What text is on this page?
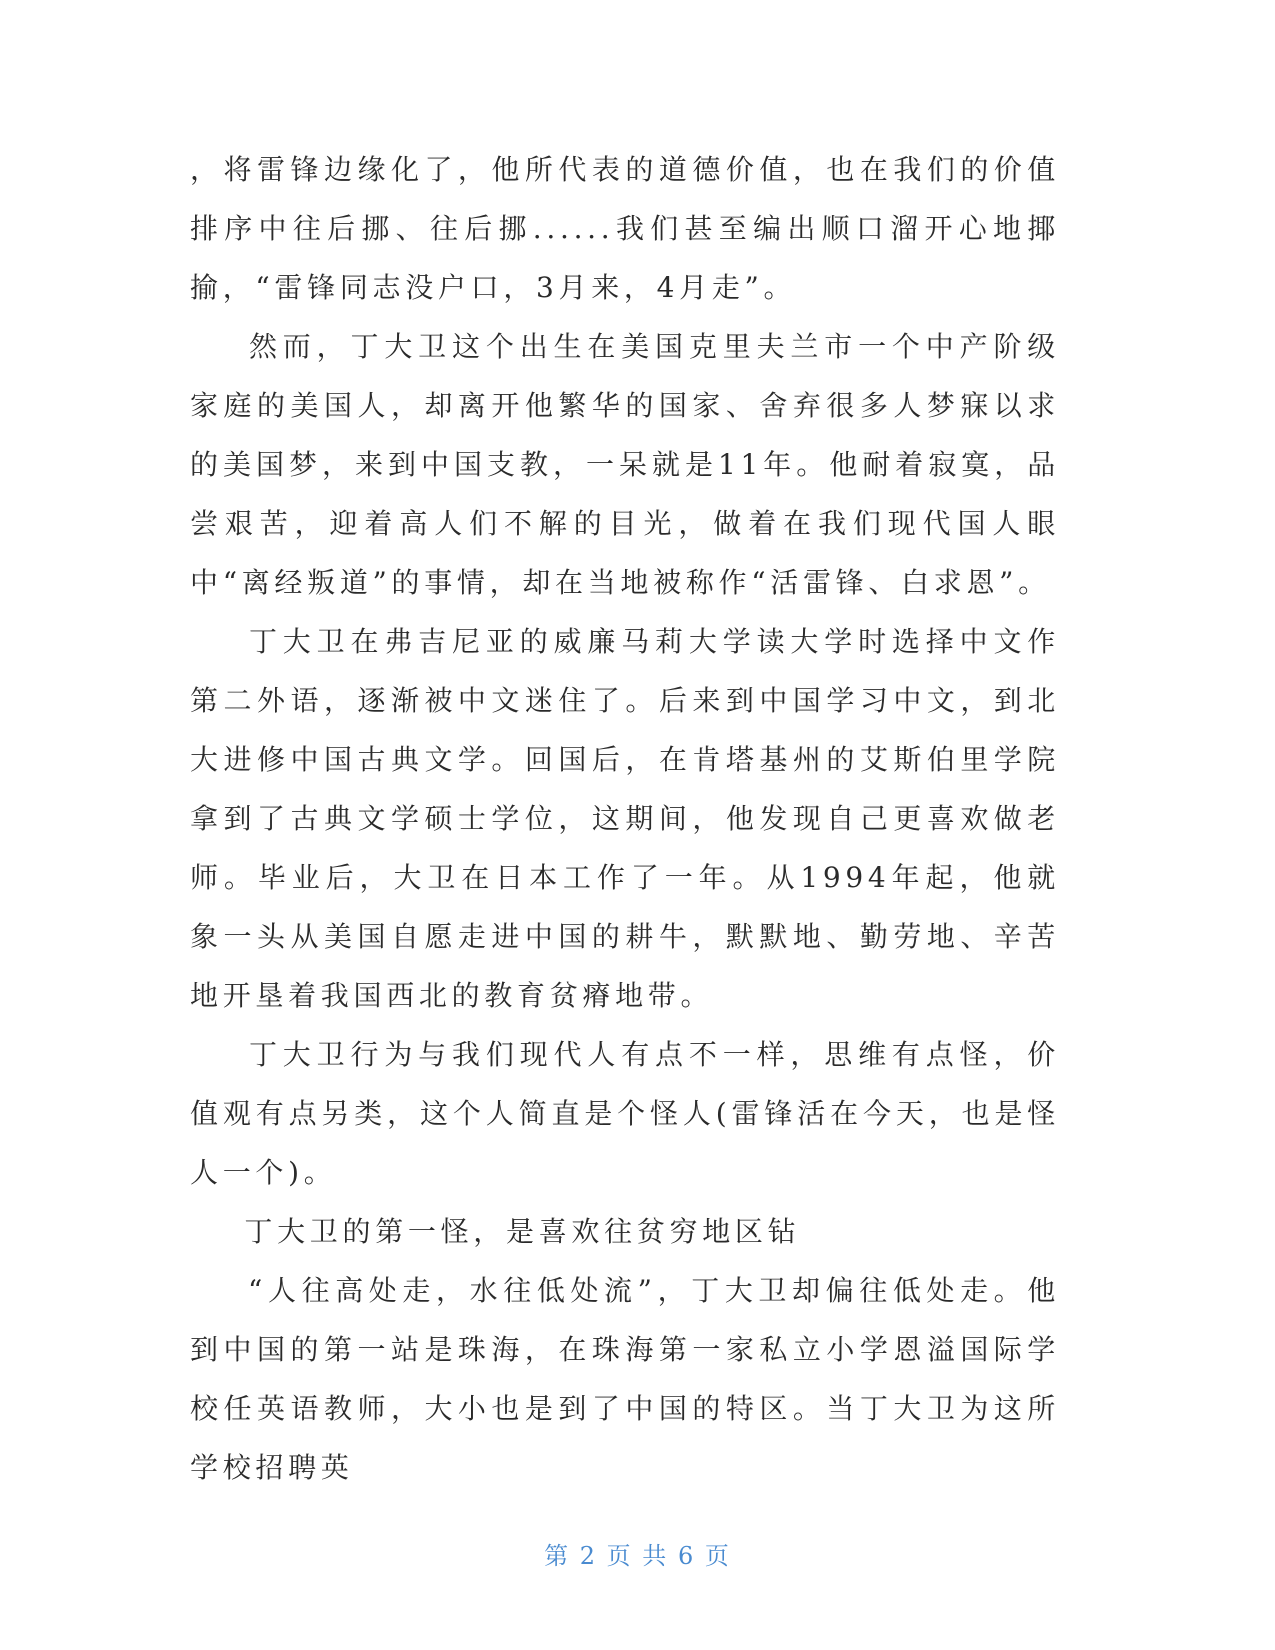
，将雷锋边缘化了，他所代表的道德价值，也在我们的价值排序中往后挪、往后挪......我们甚至编出顺口溜开心地揶揄，“雷锋同志没户口，3月来，4月走”。

然而，丁大卫这个出生在美国克里夫兰市一个中产阶级家庭的美国人，却离开他繁华的国家、舍弃很多人梦寐以求的美国梦，来到中国支教，一呆就是11年。他耐着寂寞，品尝艰苦，迎着高人们不解的目光，做着在我们现代国人眼中“离经叛道”的事情，却在当地被称作“活雷锋、白求恩”。

丁大卫在弗吉尼亚的威廉马莉大学读大学时选择中文作第二外语，逐渐被中文迷住了。后来到中国学习中文，到北大进修中国古典文学。回国后，在肯塔基州的艾斯伯里学院拿到了古典文学硕士学位，这期间，他发现自己更喜欢做老师。毕业后，大卫在日本工作了一年。从1994年起，他就象一头从美国自愿走进中国的耕牛，默默地、勤劳地、辛苦地开垦着我国西北的教育贫瘠地带。

丁大卫行为与我们现代人有点不一样，思维有点怪，价值观有点另类，这个人简直是个怪人(雷锋活在今天，也是怪人一个)。

丁大卫的第一怪，是喜欢往贫穷地区钻

“人往高处走，水往低处流”，丁大卫却偏往低处走。他到中国的第一站是珠海，在珠海第一家私立小学恩溢国际学校任英语教师，大小也是到了中国的特区。当丁大卫为这所学校招聘英

第 2 页 共 6 页
